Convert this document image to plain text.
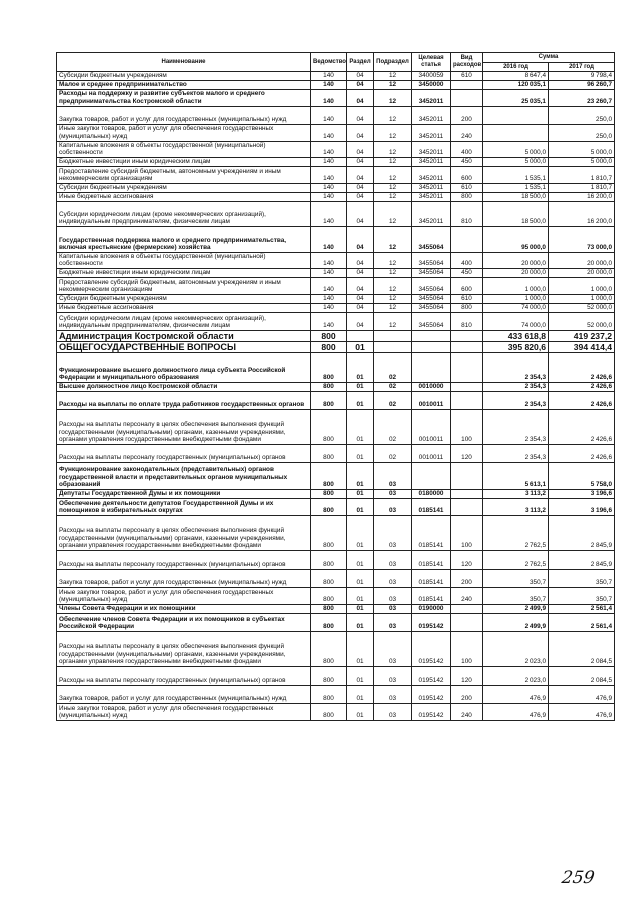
Наименование	Ведомство	Раздел	Подраздел	Целевая статья	Вид расходов	Сумма	
						2016 год	2017 год
Субсидии бюджетным учреждениям	140	04	12	3400059	610	8 647,4	9 798,4
Малое и среднее предпринимательство	140	04	12	3450000		120 035,1	96 260,7
Расходы на поддержку и развитие субъектов малого и среднего предпринимательства Костромской области	140	04	12	3452011		25 035,1	23 260,7
Закупка товаров, работ и услуг для государственных (муниципальных) нужд	140	04	12	3452011	200		250,0
Иные закупки товаров, работ и услуг для обеспечения государственных (муниципальных) нужд	140	04	12	3452011	240		250,0
Капитальные вложения в объекты государственной (муниципальной) собственности	140	04	12	3452011	400	5 000,0	5 000,0
Бюджетные инвестиции иным юридическим лицам	140	04	12	3452011	450	5 000,0	5 000,0
Предоставление субсидий бюджетным, автономным учреждениям и иным некоммерческим организациям	140	04	12	3452011	600	1 535,1	1 810,7
Субсидии бюджетным учреждениям	140	04	12	3452011	610	1 535,1	1 810,7
Иные бюджетные ассигнования	140	04	12	3452011	800	18 500,0	16 200,0
Субсидии юридическим лицам (кроме некоммерческих организаций), индивидуальным предпринимателям, физическим лицам	140	04	12	3452011	810	18 500,0	16 200,0
Государственная поддержка малого и среднего предпринимательства, включая крестьянские (фермерские) хозяйства	140	04	12	3455064		95 000,0	73 000,0
Капитальные вложения в объекты государственной (муниципальной) собственности	140	04	12	3455064	400	20 000,0	20 000,0
Бюджетные инвестиции иным юридическим лицам	140	04	12	3455064	450	20 000,0	20 000,0
Предоставление субсидий бюджетным, автономным учреждениям и иным некоммерческим организациям	140	04	12	3455064	600	1 000,0	1 000,0
Субсидии бюджетным учреждениям	140	04	12	3455064	610	1 000,0	1 000,0
Иные бюджетные ассигнования	140	04	12	3455064	800	74 000,0	52 000,0
Субсидии юридическим лицам (кроме некоммерческих организаций), индивидуальным предпринимателям, физическим лицам	140	04	12	3455064	810	74 000,0	52 000,0
Администрация Костромской области	800					433 618,8	419 237,2
ОБЩЕГОСУДАРСТВЕННЫЕ ВОПРОСЫ	800	01				395 820,6	394 414,4
Функционирование высшего должностного лица субъекта Российской Федерации и муниципального образования	800	01	02			2 354,3	2 426,6
Высшее должностное лицо Костромской области	800	01	02	0010000		2 354,3	2 426,6
Расходы на выплаты по оплате труда работников государственных органов	800	01	02	0010011		2 354,3	2 426,6
Расходы на выплаты персоналу в целях обеспечения выполнения функций государственными (муниципальными) органами, казенными учреждениями, органами управления государственными внебюджетными фондами	800	01	02	0010011	100	2 354,3	2 426,6
Расходы на выплаты персоналу государственных (муниципальных) органов	800	01	02	0010011	120	2 354,3	2 426,6
Функционирование законодательных (представительных) органов государственной власти и представительных органов муниципальных образований	800	01	03			5 613,1	5 758,0
Депутаты Государственной Думы и их помощники	800	01	03	0180000		3 113,2	3 196,6
Обеспечение деятельности депутатов Государственной Думы и их помощников в избирательных округах	800	01	03	0185141		3 113,2	3 196,6
Расходы на выплаты персоналу в целях обеспечения выполнения функций государственными (муниципальными) органами, казенными учреждениями, органами управления государственными внебюджетными фондами	800	01	03	0185141	100	2 762,5	2 845,9
Расходы на выплаты персоналу государственных (муниципальных) органов	800	01	03	0185141	120	2 762,5	2 845,9
Закупка товаров, работ и услуг для государственных (муниципальных) нужд	800	01	03	0185141	200	350,7	350,7
Иные закупки товаров, работ и услуг для обеспечения государственных (муниципальных) нужд	800	01	03	0185141	240	350,7	350,7
Члены Совета Федерации и их помощники	800	01	03	0190000		2 499,9	2 561,4
Обеспечение членов Совета Федерации и их помощников в субъектах Российской Федерации	800	01	03	0195142		2 499,9	2 561,4
Расходы на выплаты персоналу в целях обеспечения выполнения функций государственными (муниципальными) органами, казенными учреждениями, органами управления государственными внебюджетными фондами	800	01	03	0195142	100	2 023,0	2 084,5
Расходы на выплаты персоналу государственных (муниципальных) органов	800	01	03	0195142	120	2 023,0	2 084,5
Закупка товаров, работ и услуг для государственных (муниципальных) нужд	800	01	03	0195142	200	476,9	476,9
Иные закупки товаров, работ и услуг для обеспечения государственных (муниципальных) нужд	800	01	03	0195142	240	476,9	476,9
259
